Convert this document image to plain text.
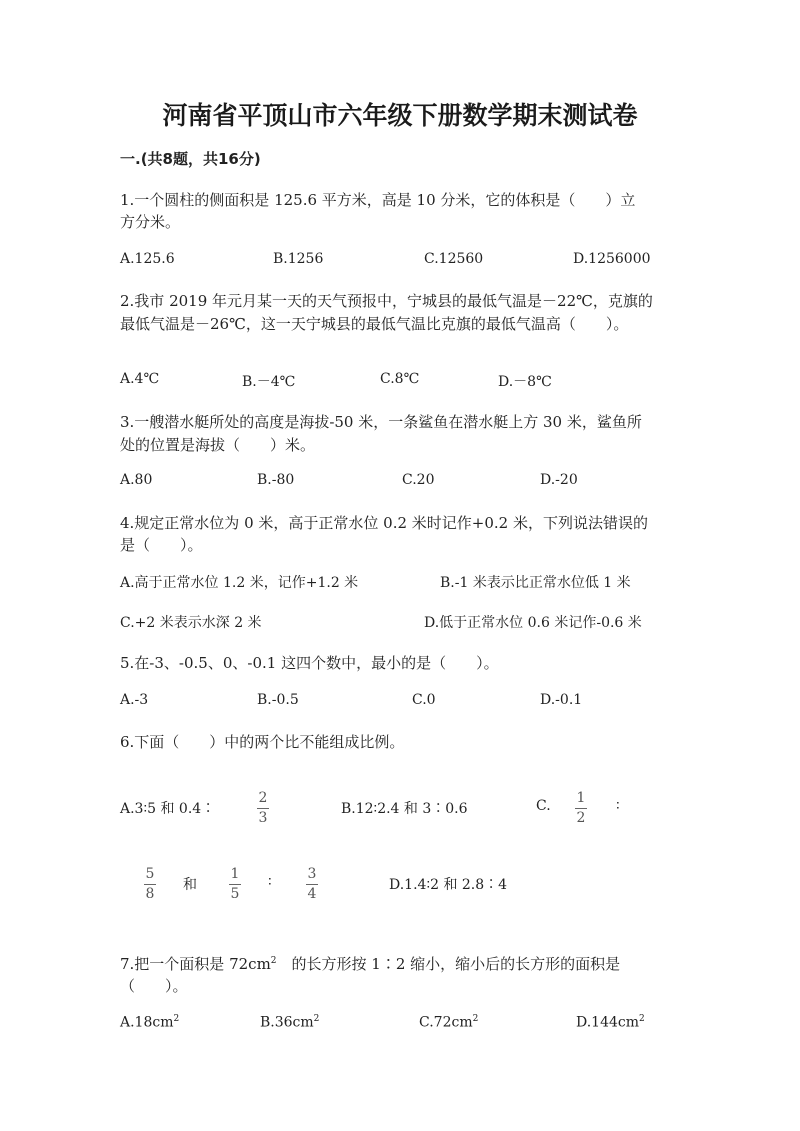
河南省平顶山市六年级下册数学期末测试卷
一.(共8题，共16分)
1.一个圆柱的侧面积是 125.6 平方米，高是 10 分米，它的体积是（　　）立
方分米。
A.125.6	B.1256	C.12560	D.1256000
2.我市 2019 年元月某一天的天气预报中，宁城县的最低气温是－22℃，克旗的
最低气温是－26℃，这一天宁城县的最低气温比克旗的最低气温高（　　）。
A.4℃	B.－4℃	C.8℃	D.－8℃
3.一艘潜水艇所处的高度是海拔-50 米，一条鲨鱼在潜水艇上方 30 米，鲨鱼所
处的位置是海拔（　　）米。
A.80	B.-80	C.20	D.-20
4.规定正常水位为 0 米，高于正常水位 0.2 米时记作+0.2 米，下列说法错误的
是（　　）。
A.高于正常水位 1.2 米，记作+1.2 米	B.-1 米表示比正常水位低 1 米
C.+2 米表示水深 2 米	D.低于正常水位 0.6 米记作-0.6 米
5.在-3、-0.5、0、-0.1 这四个数中，最小的是（　　）。
A.-3	B.-0.5	C.0	D.-0.1
6.下面（　　）中的两个比不能组成比例。
A.3∶5 和 0.4∶
2
3
B.12∶2.4 和 3∶0.6	C. 1
2
∶
5
8
和
1
5
∶	3
4
D.1.4∶2 和 2.8∶4
7.把一个面积是 $72cm^2$　的长方形按 1∶2 缩小，缩小后的长方形的面积是
（　　）。
$A.18cm^2$	$B.36cm^2$	$C.72cm^2$	$D.144cm^2$
